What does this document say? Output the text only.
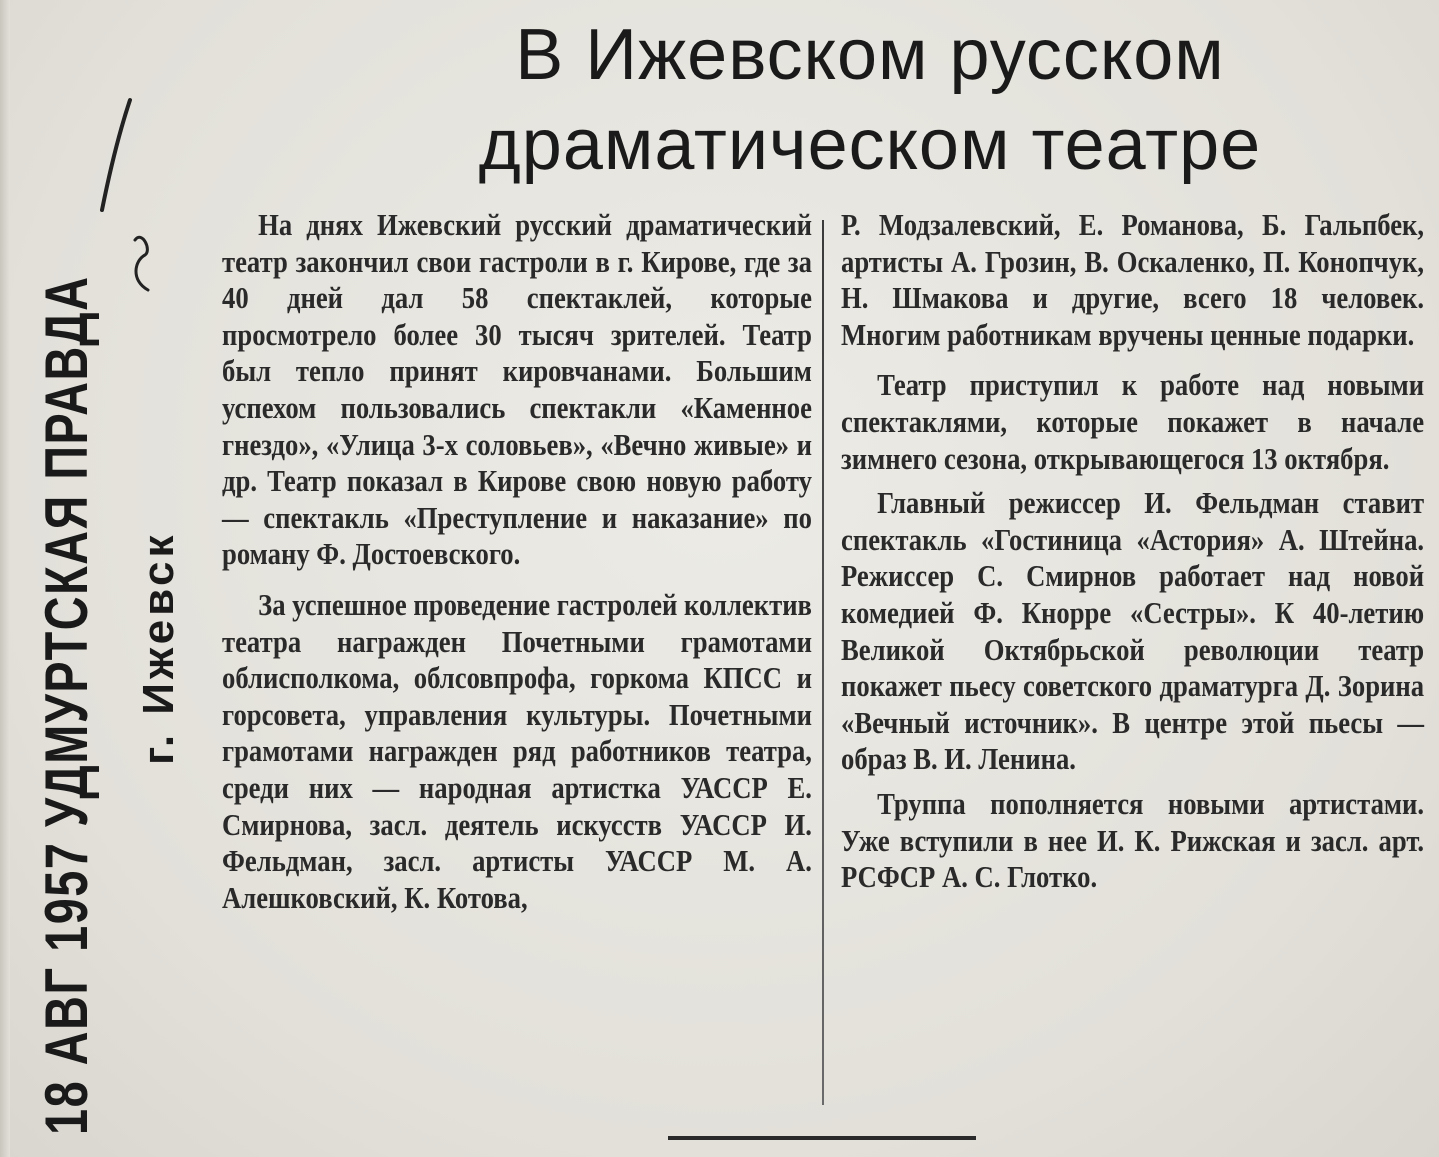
18 АВГ 1957 УДМУРТСКАЯ ПРАВДА г. Ижевск
В Ижевском русском
драматическом театре

На днях Ижевский русский драматический театр закончил свои гастроли в г. Кирове, где за 40 дней дал 58 спектаклей, которые просмотрело более 30 тысяч зрителей. Театр был тепло принят кировчанами. Большим успехом пользовались спектакли «Каменное гнездо», «Улица 3-х соловьев», «Вечно живые» и др. Театр показал в Кирове свою новую работу — спектакль «Преступление и наказание» по роману Ф. Достоевского.

За успешное проведение гастролей коллектив театра награжден Почетными грамотами облисполкома, облсовпрофа, горкома КПСС и горсовета, управления культуры. Почетными грамотами награжден ряд работников театра, среди них — народная артистка УАССР Е. Смирнова, засл. деятель искусств УАССР И. Фельдман, засл. артисты УАССР М. А. Алешковский, К. Котова,

Р. Модзалевский, Е. Романова, Б. Гальпбек, артисты А. Грозин, В. Оскаленко, П. Конопчук, Н. Шмакова и другие, всего 18 человек. Многим работникам вручены ценные подарки.

Театр приступил к работе над новыми спектаклями, которые покажет в начале зимнего сезона, открывающегося 13 октября.

Главный режиссер И. Фельдман ставит спектакль «Гостиница «Астория» А. Штейна. Режиссер С. Смирнов работает над новой комедией Ф. Кнорре «Сестры». К 40-летию Великой Октябрьской революции театр покажет пьесу советского драматурга Д. Зорина «Вечный источник». В центре этой пьесы — образ В. И. Ленина.

Труппа пополняется новыми артистами. Уже вступили в нее И. К. Рижская и засл. арт. РСФСР А. С. Глотко.
